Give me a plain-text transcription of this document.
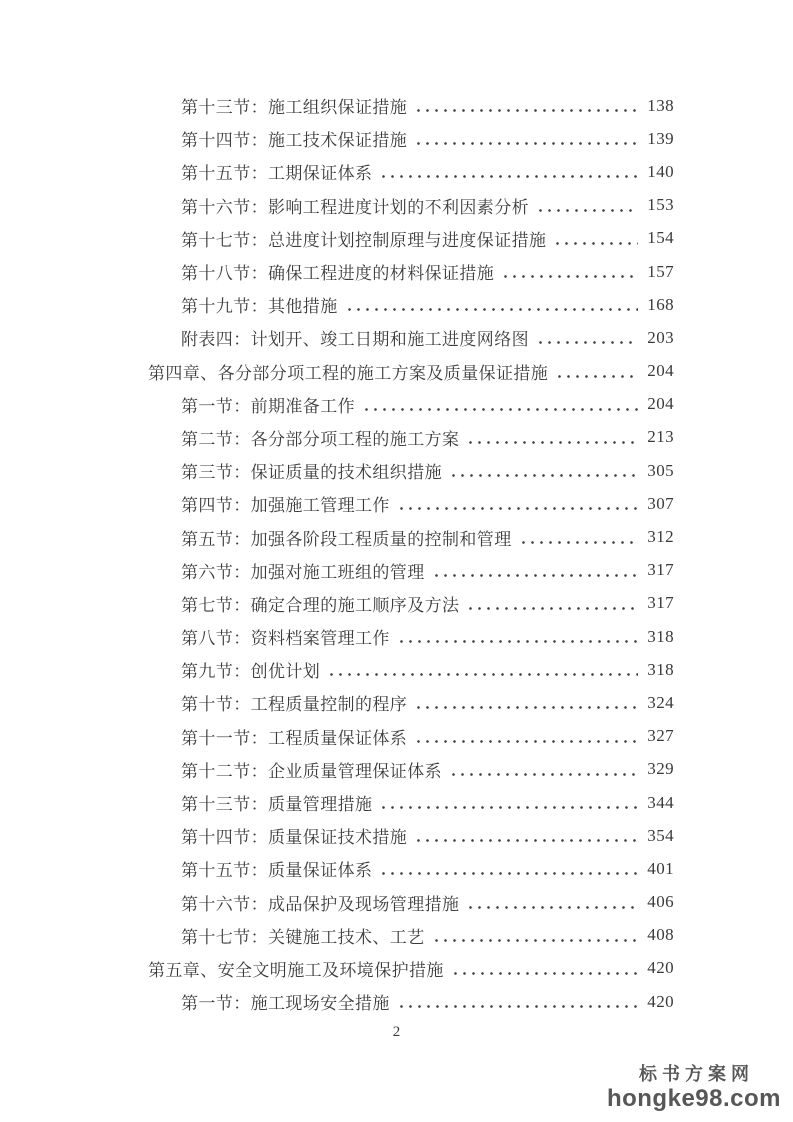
第十三节：施工组织保证措施	138
第十四节：施工技术保证措施	139
第十五节：工期保证体系	140
第十六节：影响工程进度计划的不利因素分析	153
第十七节：总进度计划控制原理与进度保证措施	154
第十八节：确保工程进度的材料保证措施	157
第十九节：其他措施	168
附表四：计划开、竣工日期和施工进度网络图	203
第四章、各分部分项工程的施工方案及质量保证措施	204
第一节：前期准备工作	204
第二节：各分部分项工程的施工方案	213
第三节：保证质量的技术组织措施	305
第四节：加强施工管理工作	307
第五节：加强各阶段工程质量的控制和管理	312
第六节：加强对施工班组的管理	317
第七节：确定合理的施工顺序及方法	317
第八节：资料档案管理工作	318
第九节：创优计划	318
第十节：工程质量控制的程序	324
第十一节：工程质量保证体系	327
第十二节：企业质量管理保证体系	329
第十三节：质量管理措施	344
第十四节：质量保证技术措施	354
第十五节：质量保证体系	401
第十六节：成品保护及现场管理措施	406
第十七节：关键施工技术、工艺	408
第五章、安全文明施工及环境保护措施	420
第一节：施工现场安全措施	420
2
标书方案网
hongke98.com
